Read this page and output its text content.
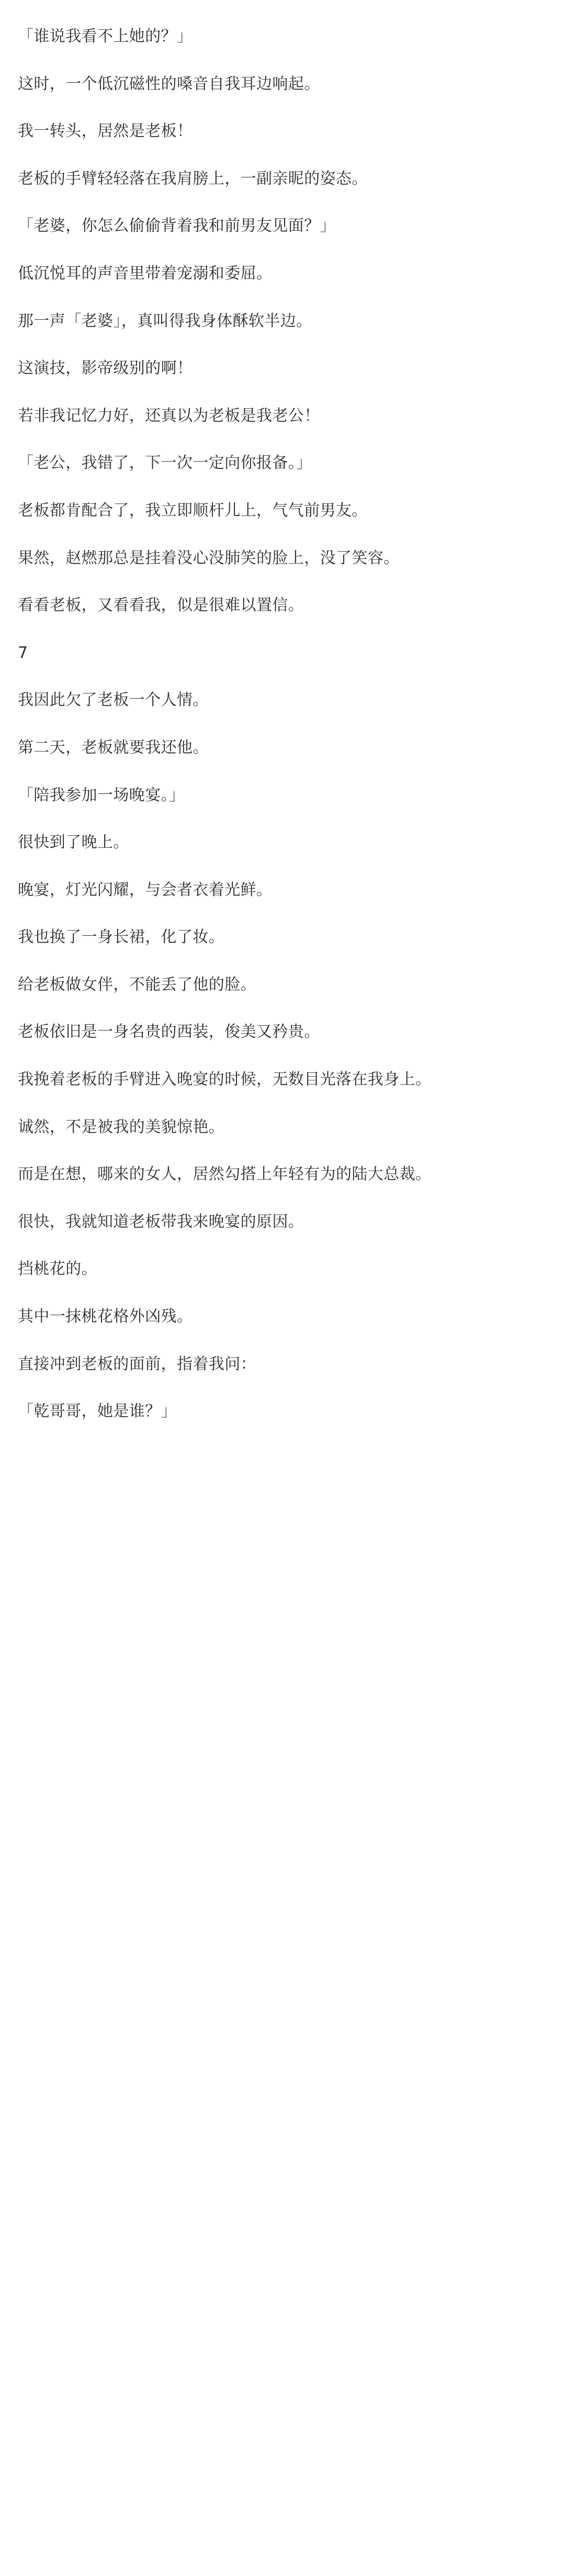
「谁说我看不上她的？」

这时，一个低沉磁性的嗓音自我耳边响起。

我一转头，居然是老板！

老板的手臂轻轻落在我肩膀上，一副亲昵的姿态。

「老婆，你怎么偷偷背着我和前男友见面？」

低沉悦耳的声音里带着宠溺和委屈。

那一声「老婆」，真叫得我身体酥软半边。

这演技，影帝级别的啊！

若非我记忆力好，还真以为老板是我老公！

「老公，我错了，下一次一定向你报备。」

老板都肯配合了，我立即顺杆儿上，气气前男友。

果然，赵燃那总是挂着没心没肺笑的脸上，没了笑容。

看看老板，又看看我，似是很难以置信。

7

我因此欠了老板一个人情。

第二天，老板就要我还他。

「陪我参加一场晚宴。」

很快到了晚上。

晚宴，灯光闪耀，与会者衣着光鲜。

我也换了一身长裙，化了妆。

给老板做女伴，不能丢了他的脸。

老板依旧是一身名贵的西装，俊美又矜贵。

我挽着老板的手臂进入晚宴的时候，无数目光落在我身上。

诚然，不是被我的美貌惊艳。

而是在想，哪来的女人，居然勾搭上年轻有为的陆大总裁。

很快，我就知道老板带我来晚宴的原因。

挡桃花的。

其中一抹桃花格外凶残。

直接冲到老板的面前，指着我问：

「乾哥哥，她是谁？」
